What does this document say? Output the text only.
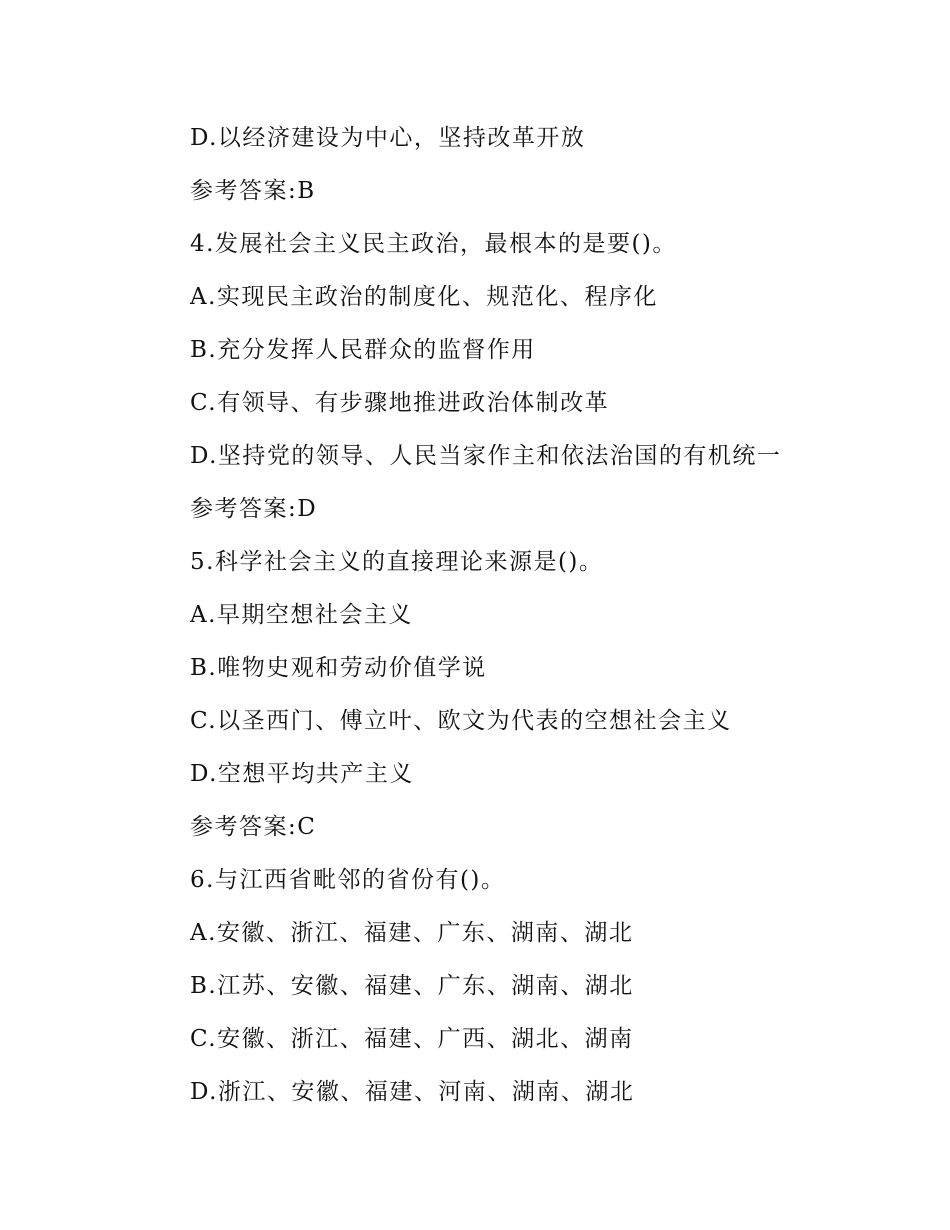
D.以经济建设为中心，坚持改革开放
参考答案:B
4.发展社会主义民主政治，最根本的是要()。
A.实现民主政治的制度化、规范化、程序化
B.充分发挥人民群众的监督作用
C.有领导、有步骤地推进政治体制改革
D.坚持党的领导、人民当家作主和依法治国的有机统一
参考答案:D
5.科学社会主义的直接理论来源是()。
A.早期空想社会主义
B.唯物史观和劳动价值学说
C.以圣西门、傅立叶、欧文为代表的空想社会主义
D.空想平均共产主义
参考答案:C
6.与江西省毗邻的省份有()。
A.安徽、浙江、福建、广东、湖南、湖北
B.江苏、安徽、福建、广东、湖南、湖北
C.安徽、浙江、福建、广西、湖北、湖南
D.浙江、安徽、福建、河南、湖南、湖北
